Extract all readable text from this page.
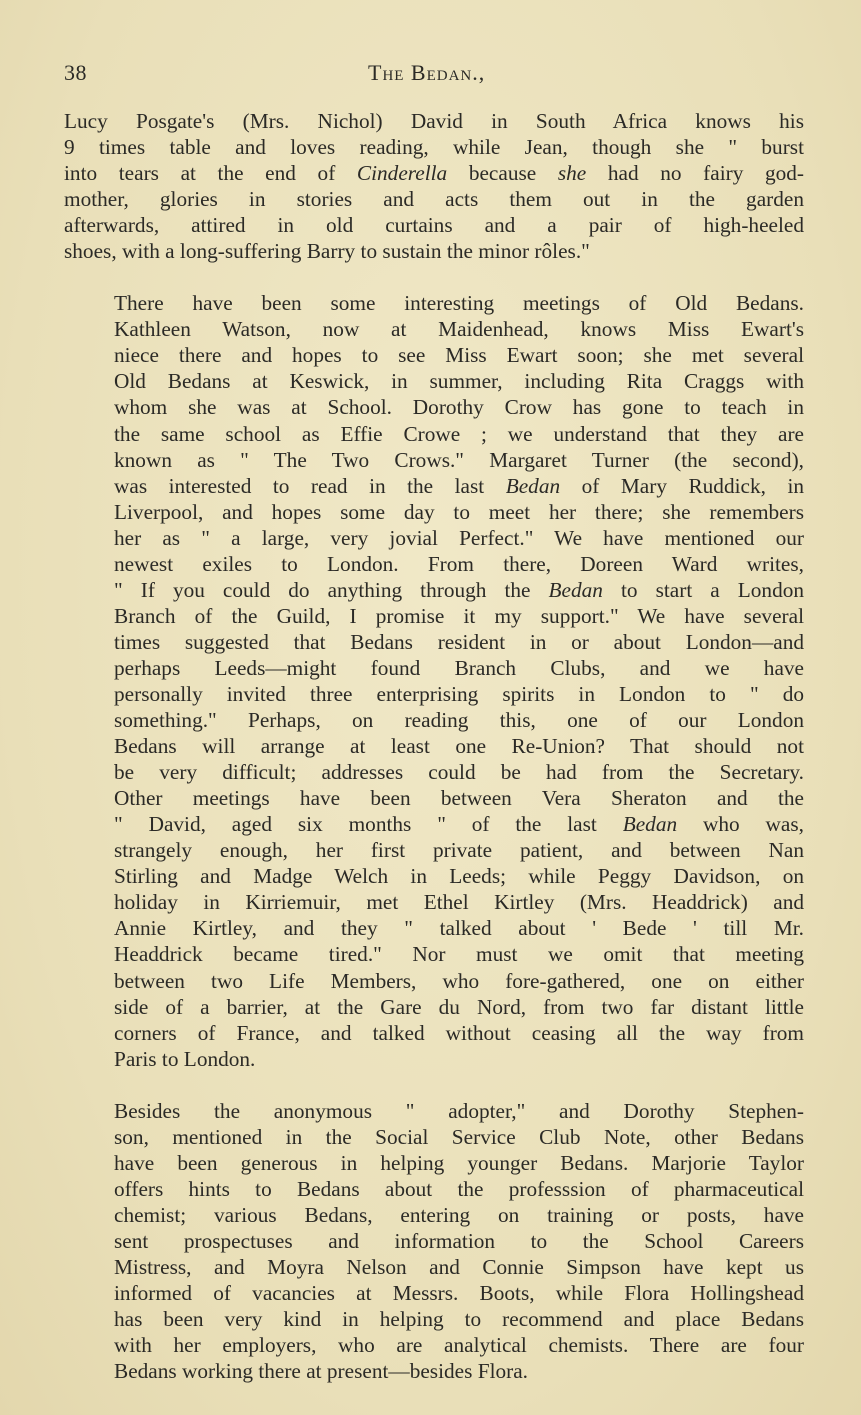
38	The Bedan.,

Lucy Posgate's (Mrs. Nichol) David in South Africa knows his
9 times table and loves reading, while Jean, though she " burst
into tears at the end of Cinderella because she had no fairy god-
mother, glories in stories and acts them out in the garden
afterwards, attired in old curtains and a pair of high-heeled
shoes, with a long-suffering Barry to sustain the minor rôles."

There have been some interesting meetings of Old Bedans.
Kathleen Watson, now at Maidenhead, knows Miss Ewart's
niece there and hopes to see Miss Ewart soon; she met several
Old Bedans at Keswick, in summer, including Rita Craggs with
whom she was at School. Dorothy Crow has gone to teach in
the same school as Effie Crowe ; we understand that they are
known as " The Two Crows." Margaret Turner (the second),
was interested to read in the last Bedan of Mary Ruddick, in
Liverpool, and hopes some day to meet her there; she remembers
her as " a large, very jovial Perfect." We have mentioned our
newest exiles to London. From there, Doreen Ward writes,
" If you could do anything through the Bedan to start a London
Branch of the Guild, I promise it my support." We have several
times suggested that Bedans resident in or about London—and
perhaps Leeds—might found Branch Clubs, and we have
personally invited three enterprising spirits in London to " do
something." Perhaps, on reading this, one of our London
Bedans will arrange at least one Re-Union? That should not
be very difficult; addresses could be had from the Secretary.
Other meetings have been between Vera Sheraton and the
" David, aged six months " of the last Bedan who was,
strangely enough, her first private patient, and between Nan
Stirling and Madge Welch in Leeds; while Peggy Davidson, on
holiday in Kirriemuir, met Ethel Kirtley (Mrs. Headdrick) and
Annie Kirtley, and they " talked about ' Bede ' till Mr.
Headdrick became tired." Nor must we omit that meeting
between two Life Members, who fore-gathered, one on either
side of a barrier, at the Gare du Nord, from two far distant little
corners of France, and talked without ceasing all the way from
Paris to London.

Besides the anonymous " adopter," and Dorothy Stephen-
son, mentioned in the Social Service Club Note, other Bedans
have been generous in helping younger Bedans. Marjorie Taylor
offers hints to Bedans about the professsion of pharmaceutical
chemist; various Bedans, entering on training or posts, have
sent prospectuses and information to the School Careers
Mistress, and Moyra Nelson and Connie Simpson have kept us
informed of vacancies at Messrs. Boots, while Flora Hollingshead
has been very kind in helping to recommend and place Bedans
with her employers, who are analytical chemists. There are four
Bedans working there at present—besides Flora.
